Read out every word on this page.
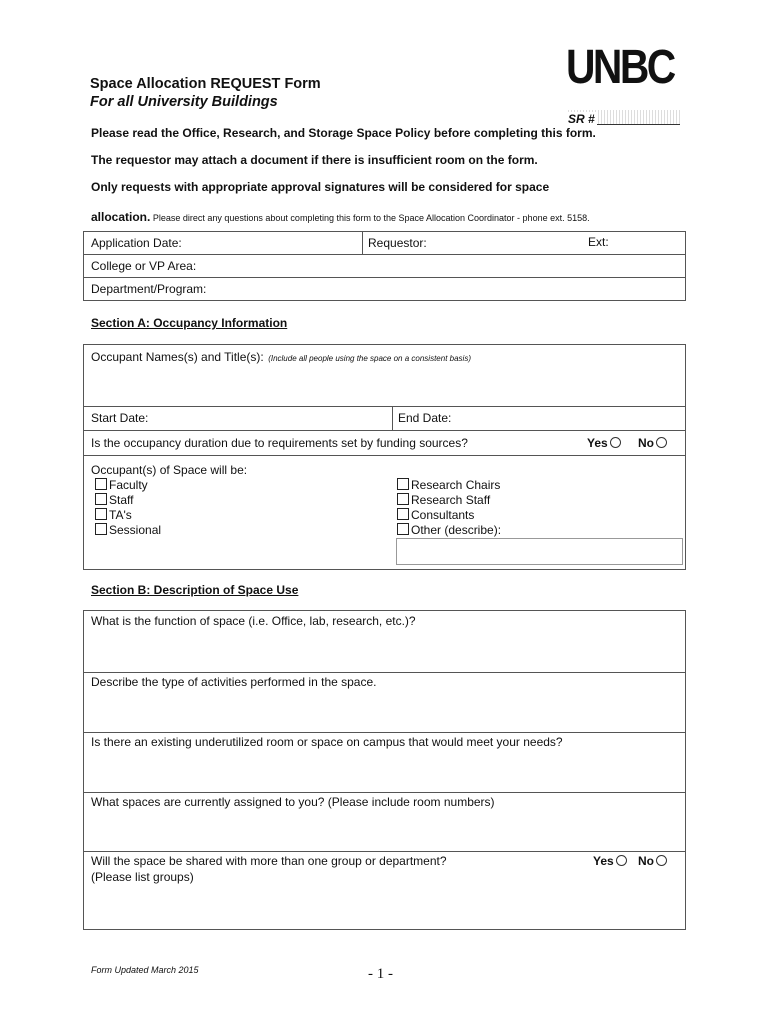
UNBC
Space Allocation REQUEST Form
For all University Buildings
SR #
Please read the Office, Research, and Storage Space Policy before completing this form.
The requestor may attach a document if there is insufficient room on the form.
Only requests with appropriate approval signatures will be considered for space
allocation. Please direct any questions about completing this form to the Space Allocation Coordinator - phone ext. 5158.
Application Date:	Requestor:	Ext:
College or VP Area:
Department/Program:
Section A: Occupancy Information
Occupant Names(s) and Title(s): (Include all people using the space on a consistent basis)
Start Date:	End Date:
Is the occupancy duration due to requirements set by funding sources?	Yes	No
Occupant(s) of Space will be:
Faculty
Staff
TA's
Sessional
Research Chairs
Research Staff
Consultants
Other (describe):
Section B: Description of Space Use
What is the function of space (i.e. Office, lab, research, etc.)?
Describe the type of activities performed in the space.
Is there an existing underutilized room or space on campus that would meet your needs?
What spaces are currently assigned to you? (Please include room numbers)
Will the space be shared with more than one group or department?
(Please list groups)
Yes	No
Form Updated March 2015	- 1 -
